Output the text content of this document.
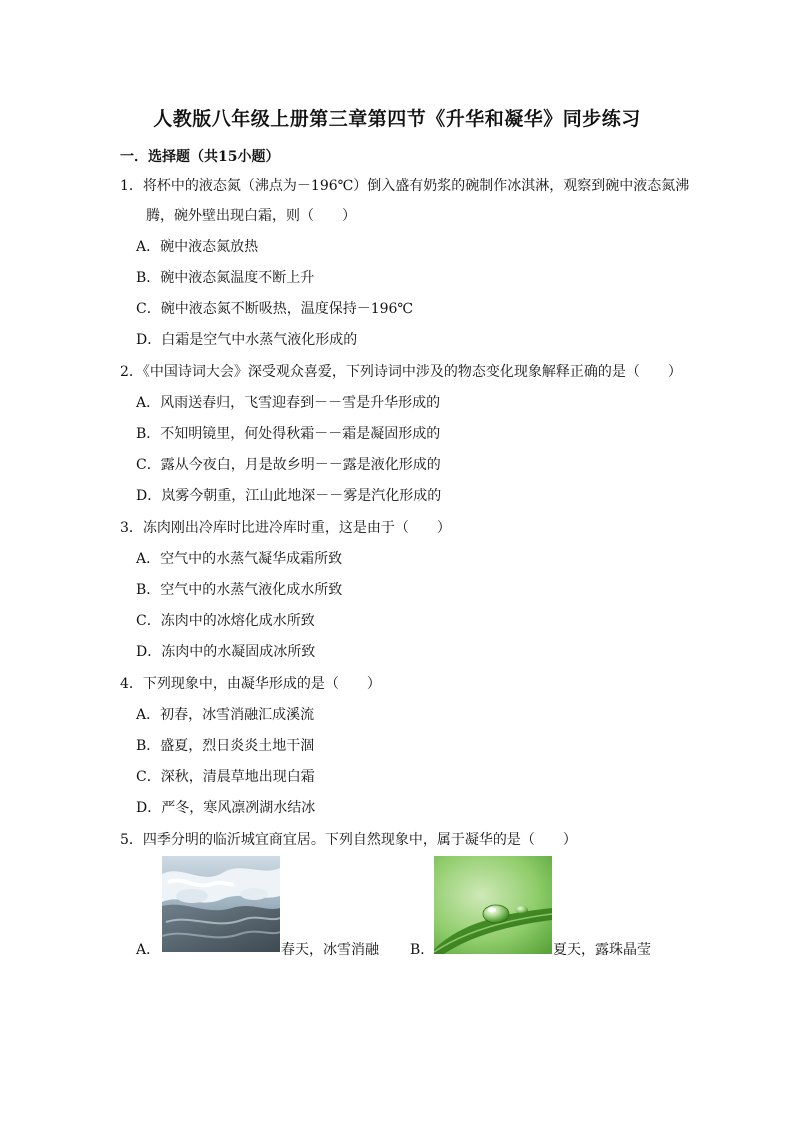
人教版八年级上册第三章第四节《升华和凝华》同步练习
一．选择题（共15小题）
1．将杯中的液态氮（沸点为－196℃）倒入盛有奶浆的碗制作冰淇淋，观察到碗中液态氮沸
腾，碗外壁出现白霜，则（　　）
A．碗中液态氮放热
B．碗中液态氮温度不断上升
C．碗中液态氮不断吸热，温度保持－196℃
D．白霜是空气中水蒸气液化形成的
2．《中国诗词大会》深受观众喜爱，下列诗词中涉及的物态变化现象解释正确的是（　　）
A．风雨送春归，飞雪迎春到－－雪是升华形成的
B．不知明镜里，何处得秋霜－－霜是凝固形成的
C．露从今夜白，月是故乡明－－露是液化形成的
D．岚雾今朝重，江山此地深－－雾是汽化形成的
3．冻肉刚出冷库时比进冷库时重，这是由于（　　）
A．空气中的水蒸气凝华成霜所致
B．空气中的水蒸气液化成水所致
C．冻肉中的冰熔化成水所致
D．冻肉中的水凝固成冰所致
4．下列现象中，由凝华形成的是（　　）
A．初春，冰雪消融汇成溪流
B．盛夏，烈日炎炎土地干涸
C．深秋，清晨草地出现白霜
D．严冬，寒风凛冽湖水结冰
5．四季分明的临沂城宜商宜居。下列自然现象中，属于凝华的是（　　）
A．	春天，冰雪消融 B．	夏天，露珠晶莹
